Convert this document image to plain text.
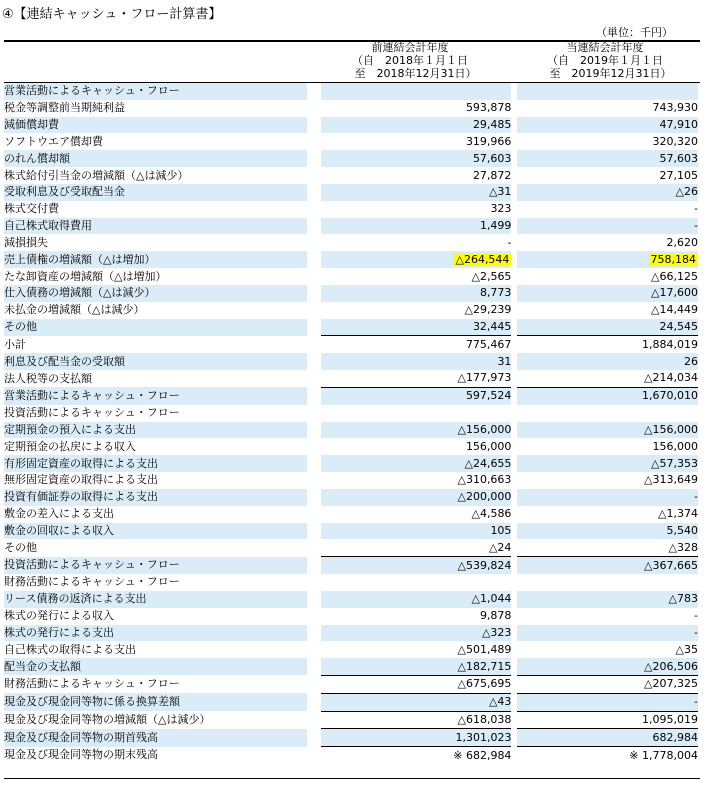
④【連結キャッシュ・フロー計算書】
（単位：千円）
前連結会計年度
（自　2018年１月１日
　至　2018年12月31日）
当連結会計年度
（自　2019年１月１日
　至　2019年12月31日）
営業活動によるキャッシュ・フロー				
税金等調整前当期純利益		593,878		743,930
減価償却費		29,485		47,910
ソフトウエア償却費		319,966		320,320
のれん償却額		57,603		57,603
株式給付引当金の増減額（△は減少）		27,872		27,105
受取利息及び受取配当金		△31		△26
株式交付費		323		-
自己株式取得費用		1,499		-
減損損失		-		2,620
売上債権の増減額（△は増加）		△264,544		758,184
たな卸資産の増減額（△は増加）		△2,565		△66,125
仕入債務の増減額（△は減少）		8,773		△17,600
未払金の増減額（△は減少）		△29,239		△14,449
その他		32,445		24,545
小計		775,467		1,884,019
利息及び配当金の受取額		31		26
法人税等の支払額		△177,973		△214,034
営業活動によるキャッシュ・フロー		597,524		1,670,010
投資活動によるキャッシュ・フロー				
定期預金の預入による支出		△156,000		△156,000
定期預金の払戻による収入		156,000		156,000
有形固定資産の取得による支出		△24,655		△57,353
無形固定資産の取得による支出		△310,663		△313,649
投資有価証券の取得による支出		△200,000		-
敷金の差入による支出		△4,586		△1,374
敷金の回収による収入		105		5,540
その他		△24		△328
投資活動によるキャッシュ・フロー		△539,824		△367,665
財務活動によるキャッシュ・フロー				
リース債務の返済による支出		△1,044		△783
株式の発行による収入		9,878		-
株式の発行による支出		△323		-
自己株式の取得による支出		△501,489		△35
配当金の支払額		△182,715		△206,506
財務活動によるキャッシュ・フロー		△675,695		△207,325
現金及び現金同等物に係る換算差額		△43		-
現金及び現金同等物の増減額（△は減少）		△618,038		1,095,019
現金及び現金同等物の期首残高		1,301,023		682,984
現金及び現金同等物の期末残高		※ 682,984		※ 1,778,004
